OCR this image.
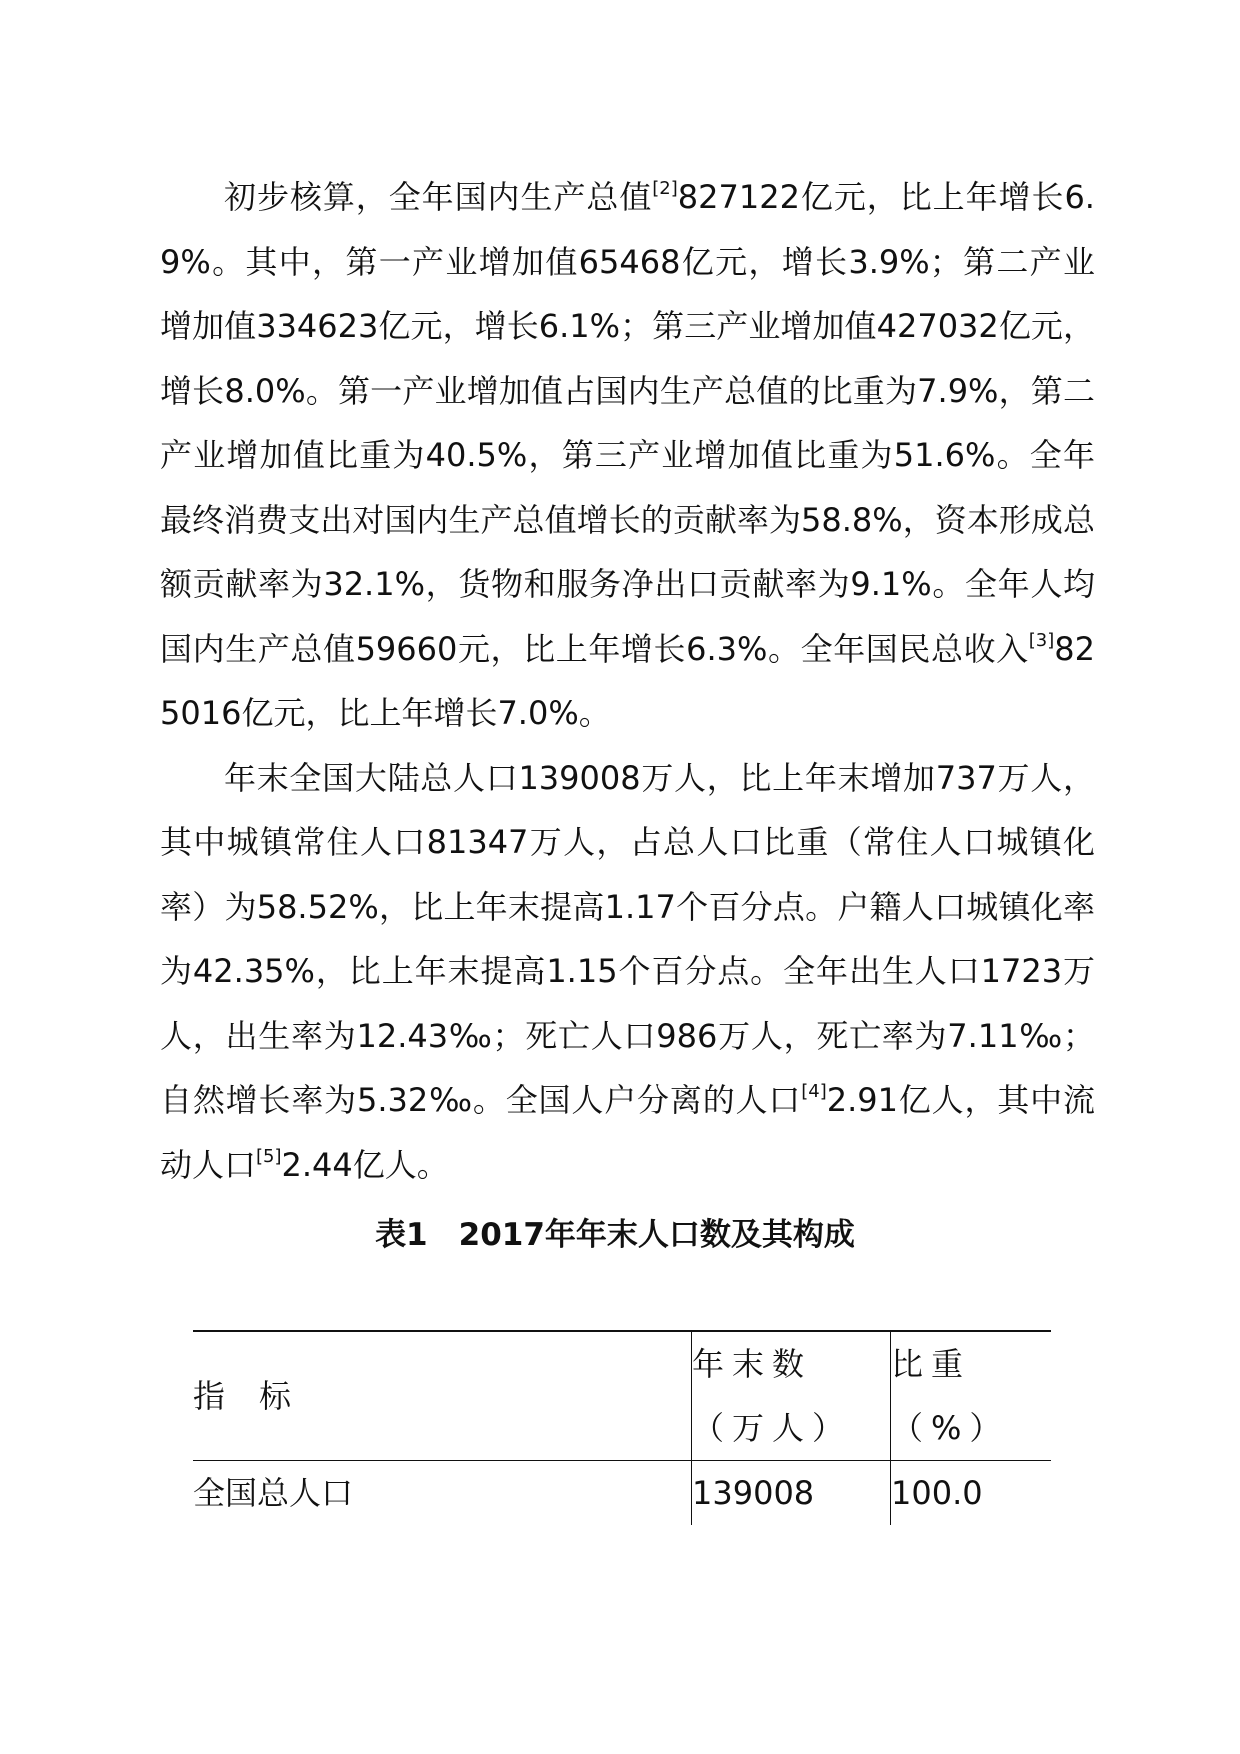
初步核算，全年国内生产总值[2]827122亿元，比上年增长6.9%。其中，第一产业增加值65468亿元，增长3.9%；第二产业增加值334623亿元，增长6.1%；第三产业增加值427032亿元，增长8.0%。第一产业增加值占国内生产总值的比重为7.9%，第二产业增加值比重为40.5%，第三产业增加值比重为51.6%。全年最终消费支出对国内生产总值增长的贡献率为58.8%，资本形成总额贡献率为32.1%，货物和服务净出口贡献率为9.1%。全年人均国内生产总值59660元，比上年增长6.3%。全年国民总收入[3]825016亿元，比上年增长7.0%。

年末全国大陆总人口139008万人，比上年末增加737万人，其中城镇常住人口81347万人，占总人口比重（常住人口城镇化率）为58.52%，比上年末提高1.17个百分点。户籍人口城镇化率为42.35%，比上年末提高1.15个百分点。全年出生人口1723万人，出生率为12.43‰；死亡人口986万人，死亡率为7.11‰；自然增长率为5.32‰。全国人户分离的人口[4]2.91亿人，其中流动人口[5]2.44亿人。

表1　2017年年末人口数及其构成
指标	年末数（万人）	比重（%）
全国总人口	139008	100.0
